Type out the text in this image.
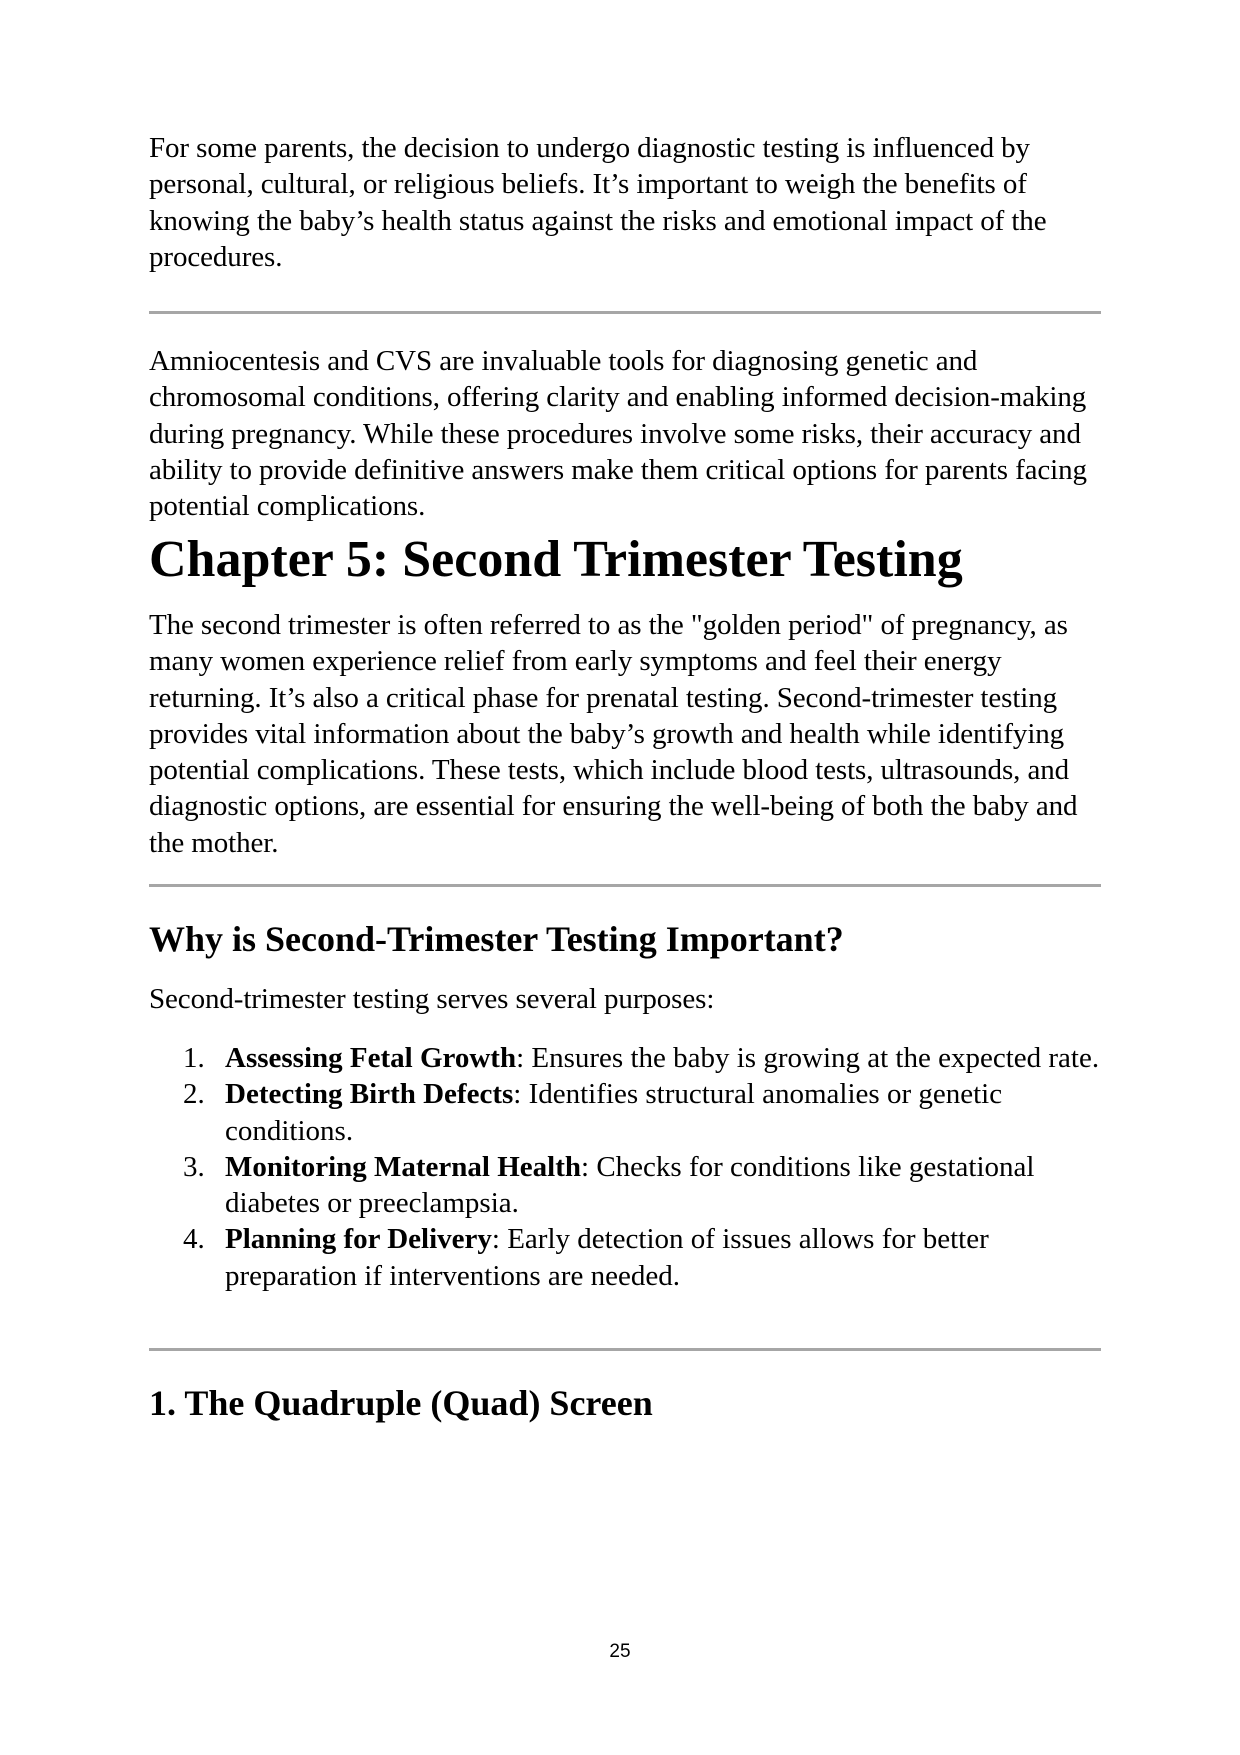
For some parents, the decision to undergo diagnostic testing is influenced by personal, cultural, or religious beliefs. It’s important to weigh the benefits of knowing the baby’s health status against the risks and emotional impact of the procedures.

Amniocentesis and CVS are invaluable tools for diagnosing genetic and chromosomal conditions, offering clarity and enabling informed decision-making during pregnancy. While these procedures involve some risks, their accuracy and ability to provide definitive answers make them critical options for parents facing potential complications.

Chapter 5: Second Trimester Testing

The second trimester is often referred to as the "golden period" of pregnancy, as many women experience relief from early symptoms and feel their energy returning. It’s also a critical phase for prenatal testing. Second-trimester testing provides vital information about the baby’s growth and health while identifying potential complications. These tests, which include blood tests, ultrasounds, and diagnostic options, are essential for ensuring the well-being of both the baby and the mother.

Why is Second-Trimester Testing Important?

Second-trimester testing serves several purposes:

1. Assessing Fetal Growth: Ensures the baby is growing at the expected rate.
2. Detecting Birth Defects: Identifies structural anomalies or genetic conditions.
3. Monitoring Maternal Health: Checks for conditions like gestational diabetes or preeclampsia.
4. Planning for Delivery: Early detection of issues allows for better preparation if interventions are needed.
1. The Quadruple (Quad) Screen
25
